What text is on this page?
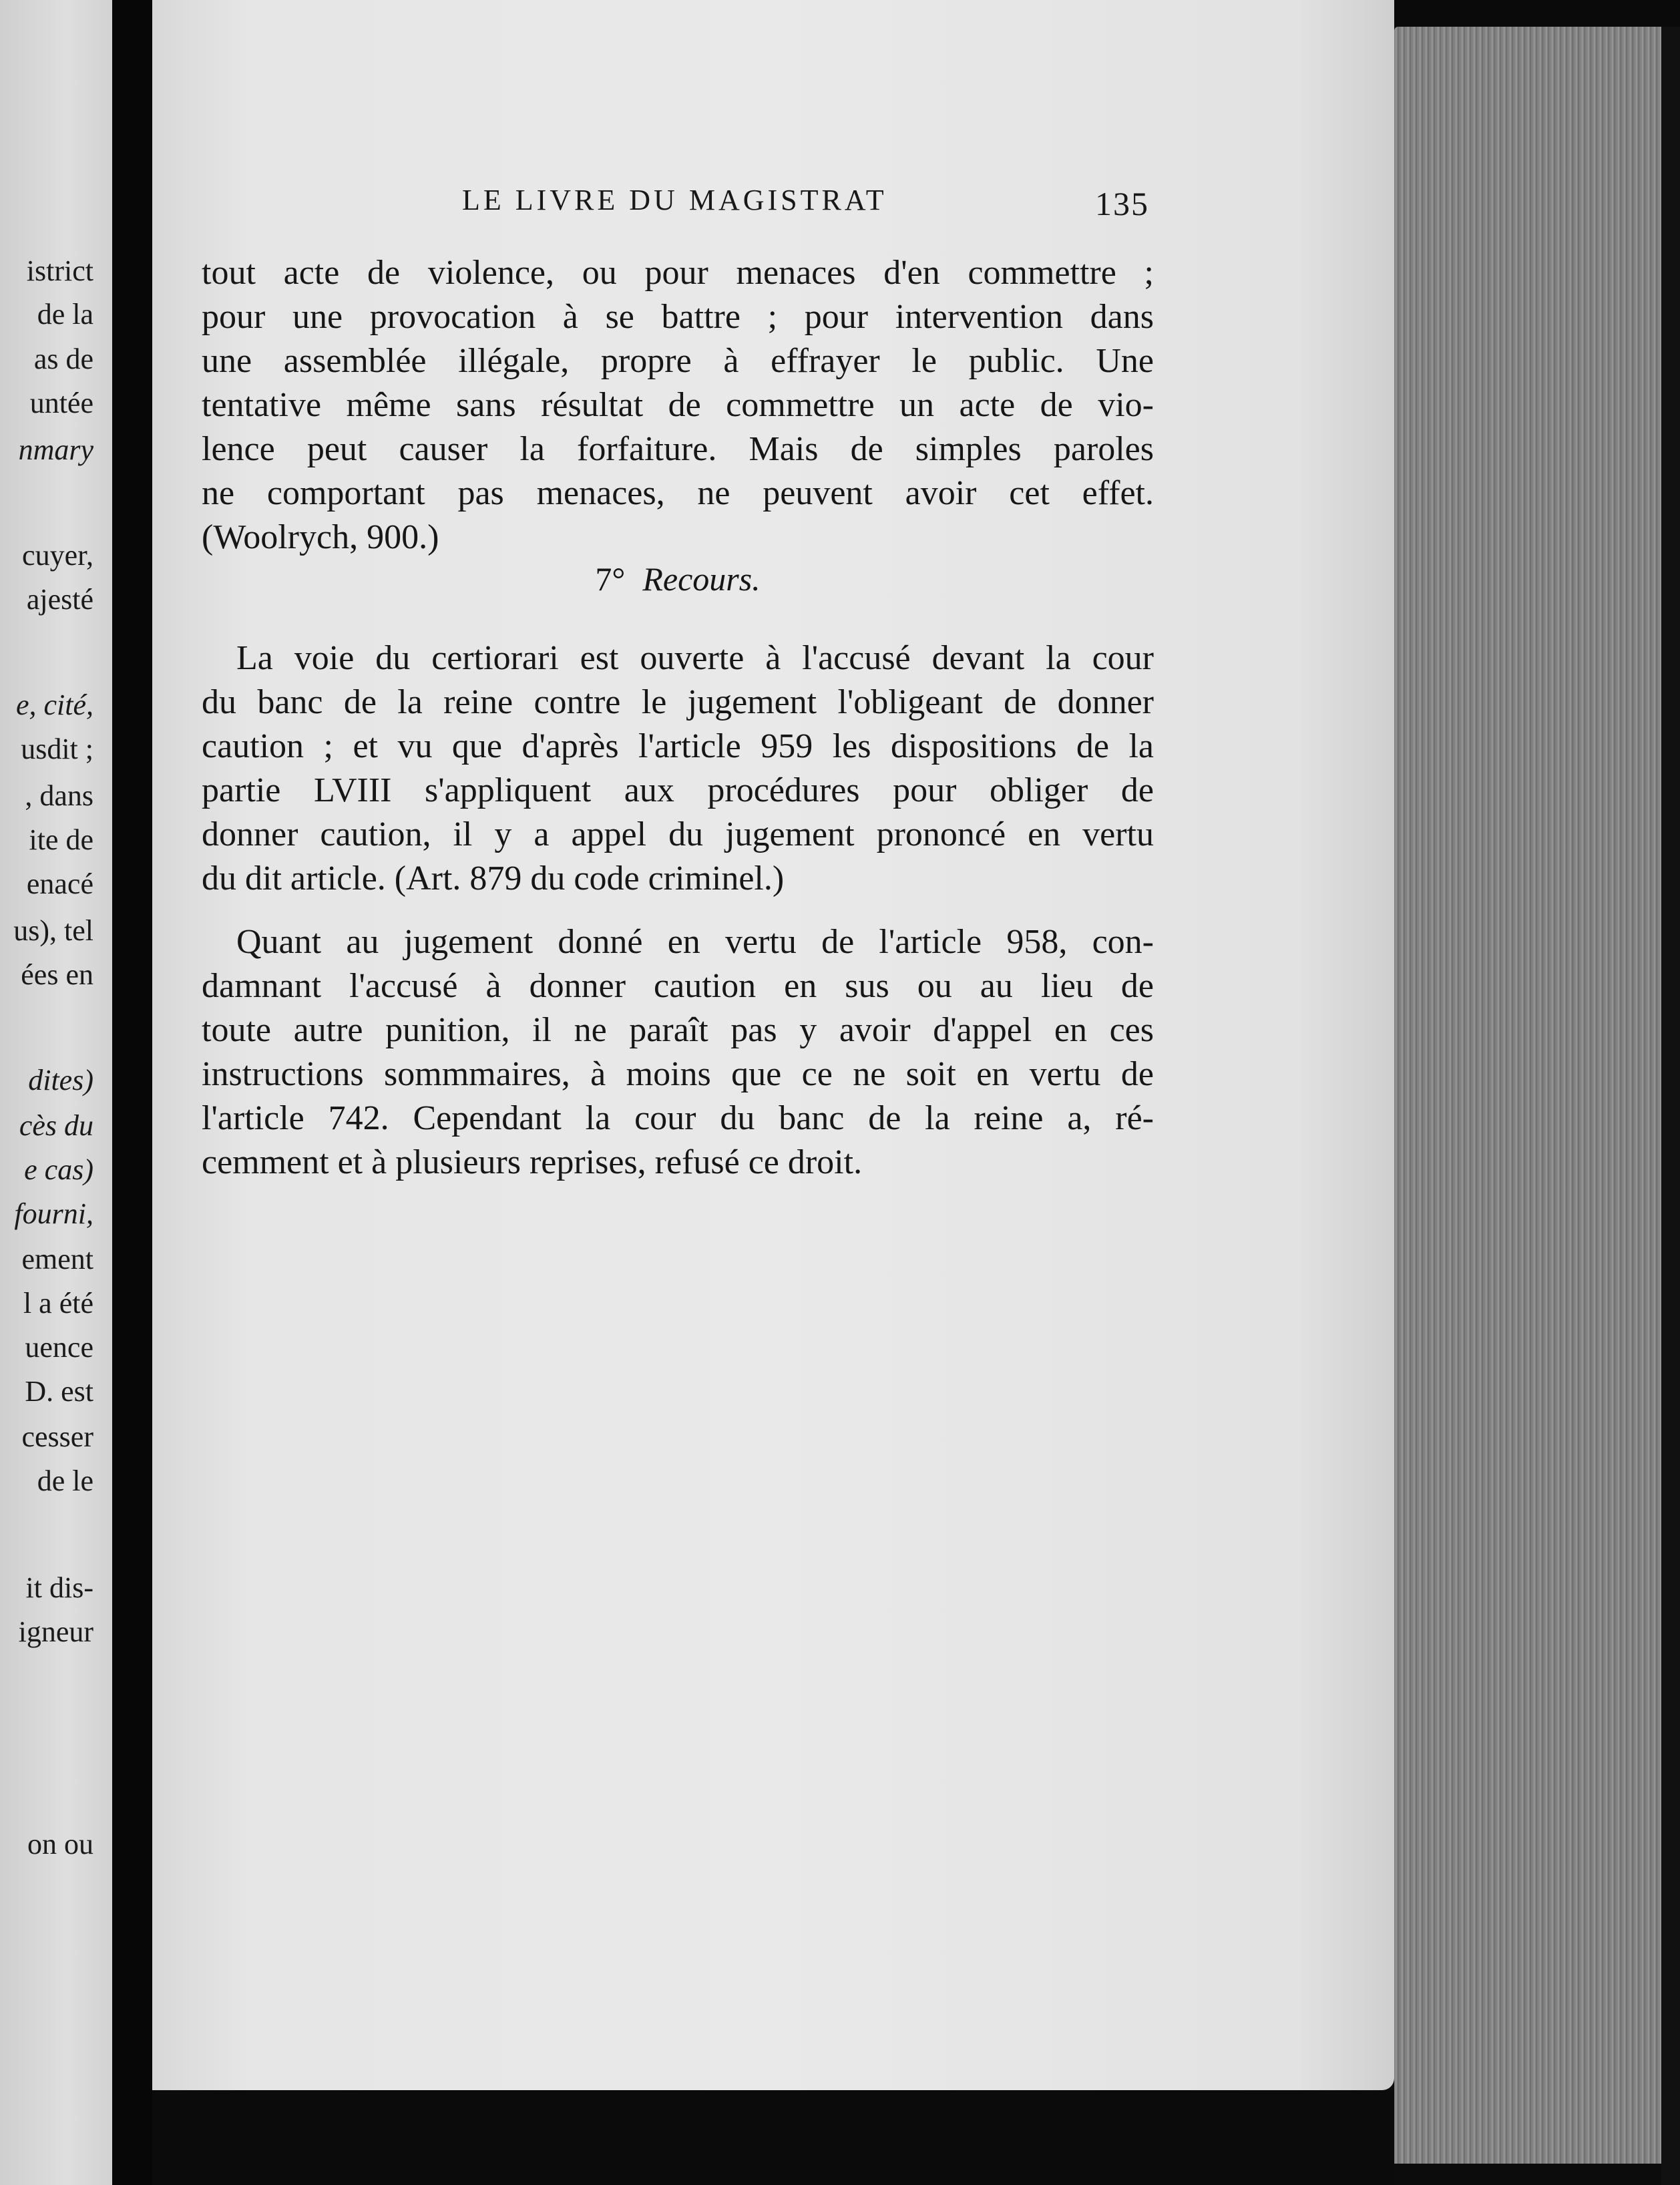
istrict
de la
as de
untée
nmary
cuyer,
ajesté
e, cité,
usdit ;
, dans
ite de
enacé
us), tel
ées en
dites)
cès du
e cas)
fourni,
ement
l a été
uence
D. est
cesser
de le
it dis-
igneur
on ou
LE LIVRE DU MAGISTRAT	135
tout acte de violence, ou pour menaces d'en commettre ;
pour une provocation à se battre ; pour intervention dans
une assemblée illégale, propre à effrayer le public. Une
tentative même sans résultat de commettre un acte de vio-
lence peut causer la forfaiture. Mais de simples paroles
ne comportant pas menaces, ne peuvent avoir cet effet.
(Woolrych, 900.)
7° Recours.
La voie du certiorari est ouverte à l'accusé devant la cour
du banc de la reine contre le jugement l'obligeant de donner
caution ; et vu que d'après l'article 959 les dispositions de la
partie LVIII s'appliquent aux procédures pour obliger de
donner caution, il y a appel du jugement prononcé en vertu
du dit article. (Art. 879 du code criminel.)
Quant au jugement donné en vertu de l'article 958, con-
damnant l'accusé à donner caution en sus ou au lieu de
toute autre punition, il ne paraît pas y avoir d'appel en ces
instructions sommmaires, à moins que ce ne soit en vertu de
l'article 742. Cependant la cour du banc de la reine a, ré-
cemment et à plusieurs reprises, refusé ce droit.
